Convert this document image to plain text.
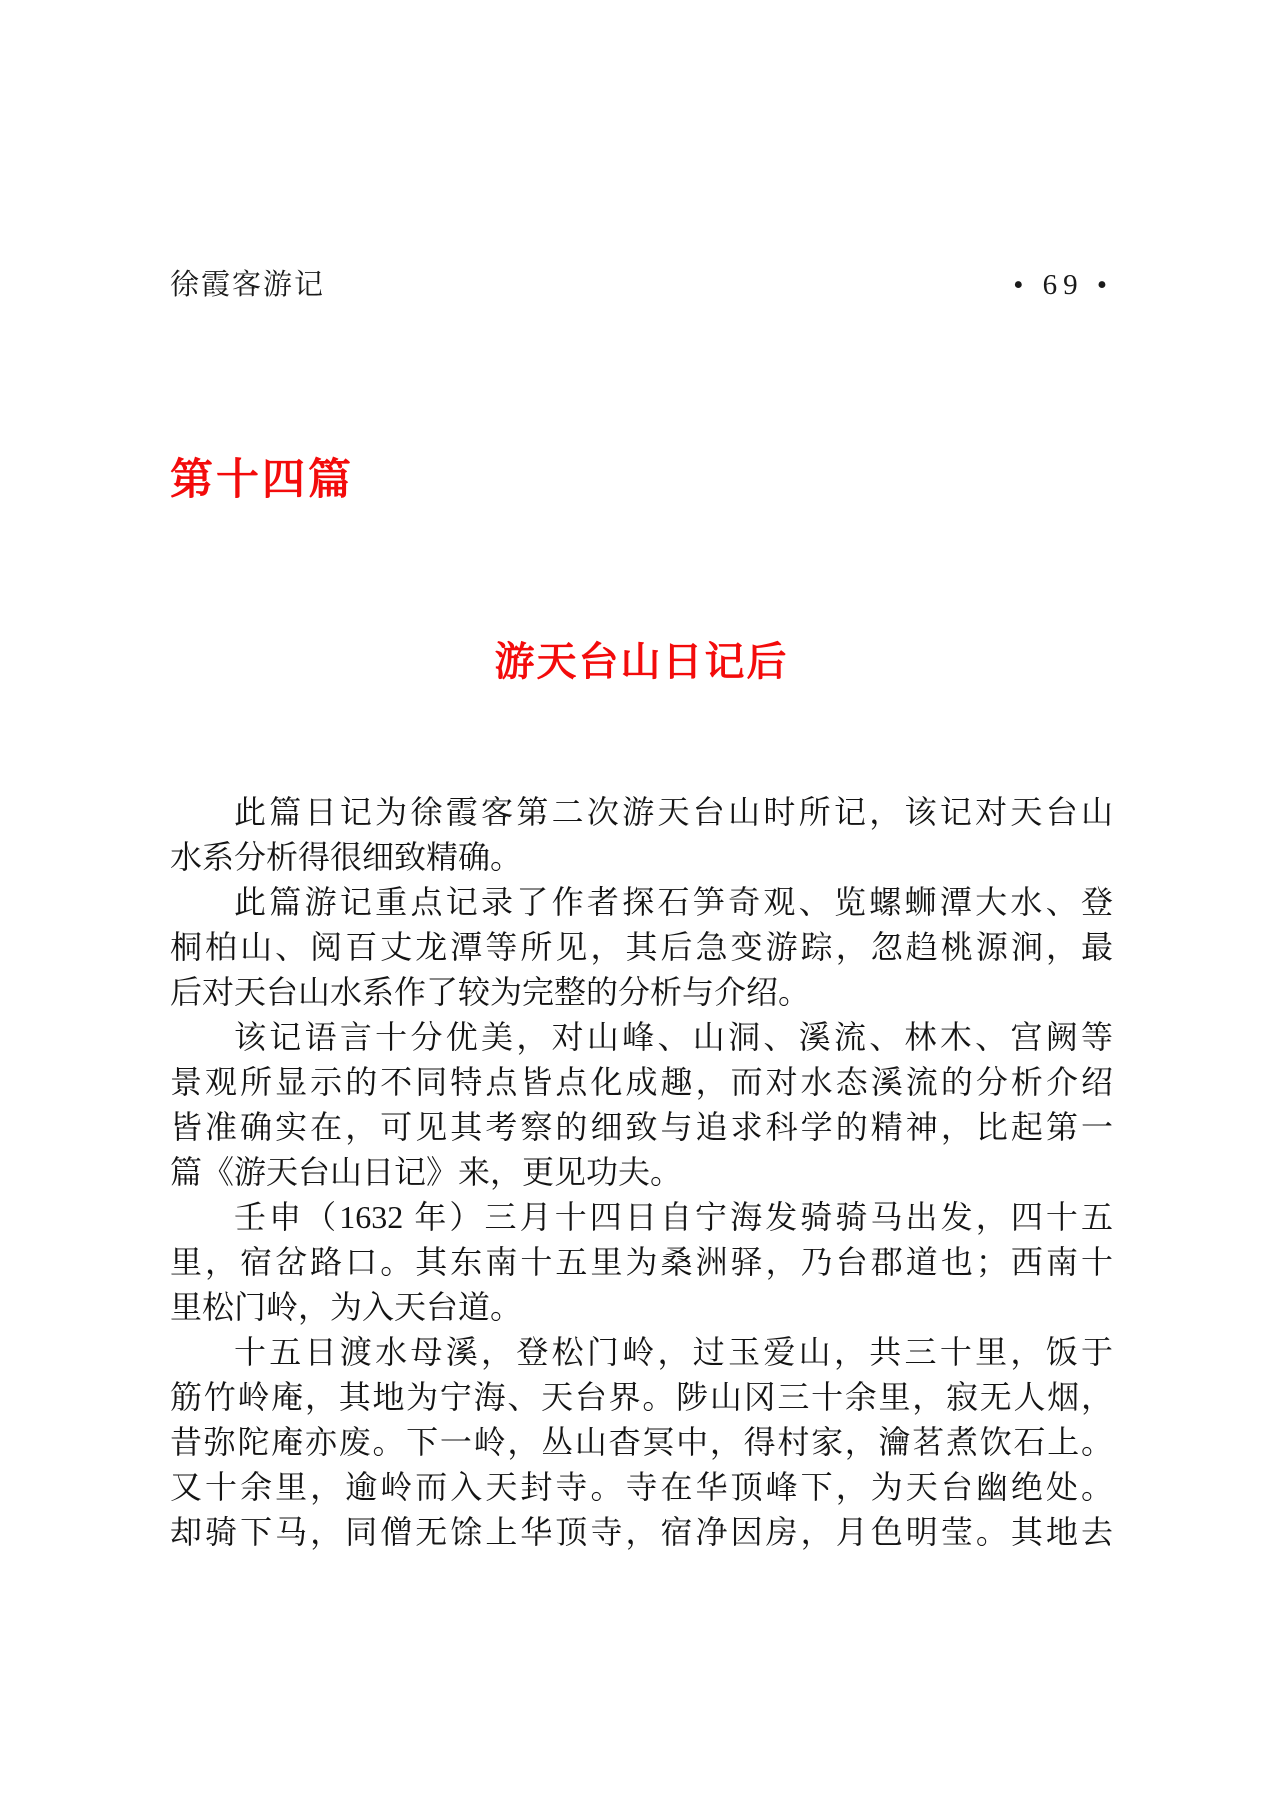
徐霞客游记	• 69 •
第十四篇
游天台山日记后
此篇日记为徐霞客第二次游天台山时所记，该记对天台山
水系分析得很细致精确。
此篇游记重点记录了作者探石笋奇观、览螺蛳潭大水、登
桐柏山、阅百丈龙潭等所见，其后急变游踪，忽趋桃源涧，最
后对天台山水系作了较为完整的分析与介绍。
该记语言十分优美，对山峰、山洞、溪流、林木、宫阙等
景观所显示的不同特点皆点化成趣，而对水态溪流的分析介绍
皆准确实在，可见其考察的细致与追求科学的精神，比起第一
篇《游天台山日记》来，更见功夫。
壬申（1632 年）三月十四日自宁海发骑骑马出发，四十五
里，宿岔路口。其东南十五里为桑洲驿，乃台郡道也；西南十
里松门岭，为入天台道。
十五日渡水母溪，登松门岭，过玉爱山，共三十里，饭于
筋竹岭庵，其地为宁海、天台界。陟山冈三十余里，寂无人烟，
昔弥陀庵亦废。下一岭，丛山杳冥中，得村家，瀹茗煮饮石上。
又十余里，逾岭而入天封寺。寺在华顶峰下，为天台幽绝处。
却骑下马，同僧无馀上华顶寺，宿净因房，月色明莹。其地去
